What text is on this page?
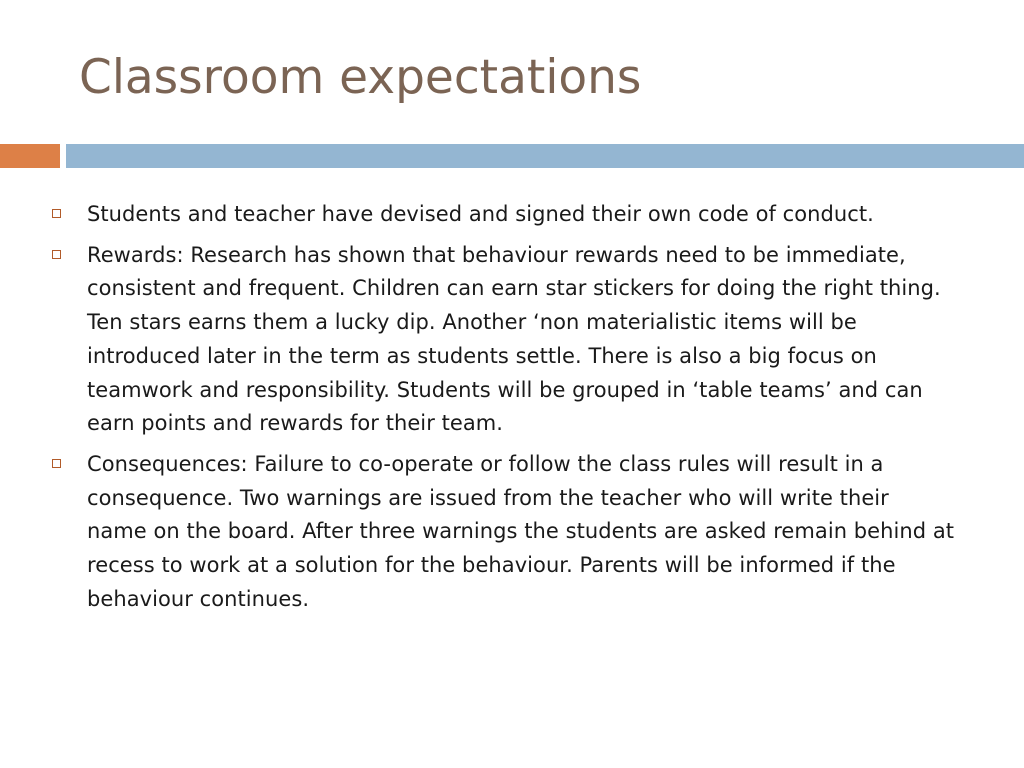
Classroom expectations
Students and teacher have devised and signed their own code of conduct.
Rewards: Research has shown that behaviour rewards need to be immediate, consistent and frequent. Children can earn star stickers for doing the right thing. Ten stars earns them a lucky dip. Another ‘non materialistic items will be introduced later in the term as students settle. There is also a big focus on teamwork and responsibility. Students will be grouped in ‘table teams’ and can earn points and rewards for their team.
Consequences: Failure to co-operate or follow the class rules will result in a consequence. Two warnings are issued from the teacher who will write their name on the board. After three warnings the students are asked remain behind at recess to work at a solution for the behaviour. Parents will be informed if the behaviour continues.
